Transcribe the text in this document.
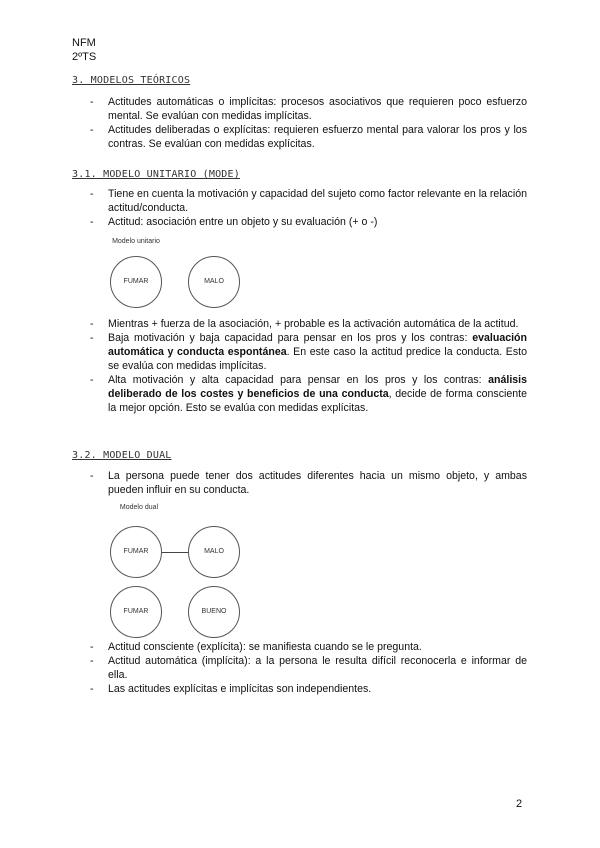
NFM
2ºTS
3. MODELOS TEÓRICOS
- Actitudes automáticas o implícitas: procesos asociativos que requieren poco esfuerzo mental. Se evalúan con medidas implícitas.
- Actitudes deliberadas o explícitas: requieren esfuerzo mental para valorar los pros y los contras. Se evalúan con medidas explícitas.
3.1. MODELO UNITARIO (MODE)
- Tiene en cuenta la motivación y capacidad del sujeto como factor relevante en la relación actitud/conducta.
- Actitud: asociación entre un objeto y su evaluación (+ o -)
Modelo unitario
FUMAR	MALO
- Mientras + fuerza de la asociación, + probable es la activación automática de la actitud.
- Baja motivación y baja capacidad para pensar en los pros y los contras: evaluación automática y conducta espontánea. En este caso la actitud predice la conducta. Esto se evalúa con medidas implícitas.
- Alta motivación y alta capacidad para pensar en los pros y los contras: análisis deliberado de los costes y beneficios de una conducta, decide de forma consciente la mejor opción. Esto se evalúa con medidas explícitas.
3.2. MODELO DUAL
- La persona puede tener dos actitudes diferentes hacia un mismo objeto, y ambas pueden influir en su conducta.
Modelo dual
FUMAR	MALO
FUMAR	BUENO
- Actitud consciente (explícita): se manifiesta cuando se le pregunta.
- Actitud automática (implícita): a la persona le resulta difícil reconocerla e informar de ella.
- Las actitudes explícitas e implícitas son independientes.
2
